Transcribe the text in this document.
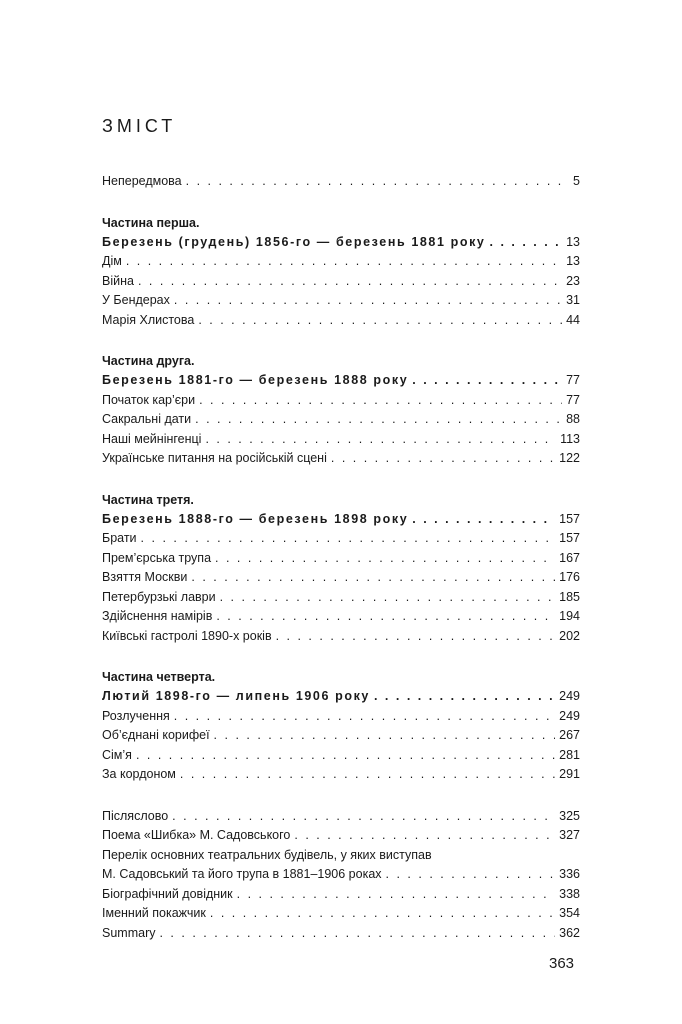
ЗМІСТ
Непередмова . . .	5
Частина перша.
Березень (грудень) 1856-го — березень 1881 року . . .	13
Дім . . .	13
Війна . . .	23
У Бендерах . . .	31
Марія Хлистова . . .	44
Частина друга.
Березень 1881-го — березень 1888 року . . .	77
Початок кар’єри . . .	77
Сакральні дати . . .	88
Наші мейнінгенці . . .	113
Українське питання на російській сцені . . .	122
Частина третя.
Березень 1888-го — березень 1898 року . . .	157
Брати . . .	157
Прем’єрська трупа . . .	167
Взяття Москви . . .	176
Петербурзькі лаври . . .	185
Здійснення намірів . . .	194
Київські гастролі 1890-х років . . .	202
Частина четверта.
Лютий 1898-го — липень 1906 року . . .	249
Розлучення . . .	249
Об’єднані корифеї . . .	267
Сім’я . . .	281
За кордоном . . .	291
Післяслово . . .	325
Поема «Шибка» М. Садовського . . .	327
Перелік основних театральних будівель, у яких виступав
М. Садовський та його трупа в 1881–1906 роках . . .	336
Біографічний довідник . . .	338
Іменний покажчик . . .	354
Summary . . .	362
363
